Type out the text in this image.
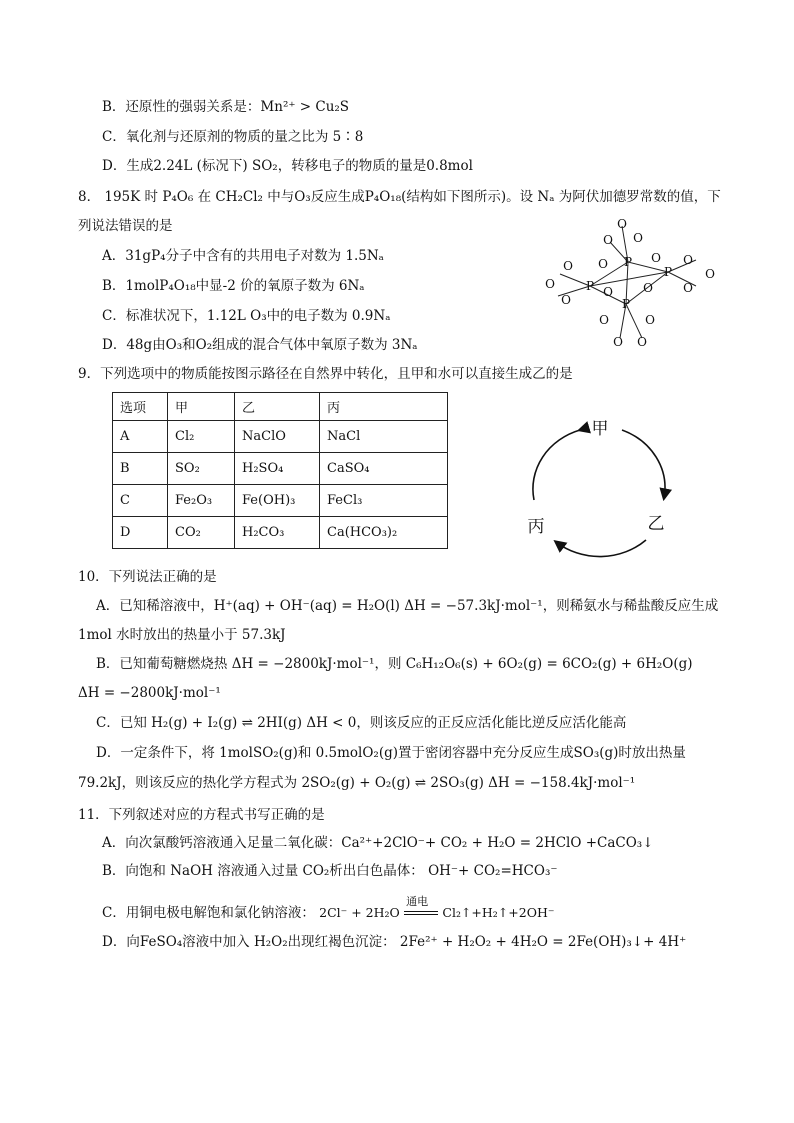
B．还原性的强弱关系是：Mn²⁺ > Cu₂S
C．氧化剂与还原剂的物质的量之比为 5∶8
D．生成2.24L (标况下) SO₂，转移电子的物质的量是0.8mol
8． 195K 时 P₄O₆ 在 CH₂Cl₂ 中与O₃反应生成P₄O₁₈(结构如下图所示)。设 Nₐ 为阿伏加德罗常数的值，下
列说法错误的是
A．31gP₄分子中含有的共用电子对数为 1.5Nₐ
B．1molP₄O₁₈中显-2 价的氧原子数为 6Nₐ
C．标准状况下，1.12L O₃中的电子数为 0.9Nₐ
D．48g由O₃和O₂组成的混合气体中氧原子数为 3Nₐ
P
P
P
P
O
O
O
O	O
O
O
O
O	O
O
O
O
O	O
O O
9．下列选项中的物质能按图示路径在自然界中转化，且甲和水可以直接生成乙的是
选项	甲	乙	丙
A	Cl₂	NaClO	NaCl
B	SO₂	H₂SO₄	CaSO₄
C	Fe₂O₃	Fe(OH)₃	FeCl₃
D	CO₂	H₂CO₃	Ca(HCO₃)₂
甲
乙
丙
10．下列说法正确的是
A．已知稀溶液中，H⁺(aq) + OH⁻(aq) = H₂O(l) ΔH = −57.3kJ·mol⁻¹，则稀氨水与稀盐酸反应生成
1mol 水时放出的热量小于 57.3kJ
B．已知葡萄糖燃烧热 ΔH = −2800kJ·mol⁻¹，则 C₆H₁₂O₆(s) + 6O₂(g) = 6CO₂(g) + 6H₂O(g)
ΔH = −2800kJ·mol⁻¹
C．已知 H₂(g) + I₂(g) ⇌ 2HI(g) ΔH < 0，则该反应的正反应活化能比逆反应活化能高
D．一定条件下，将 1molSO₂(g)和 0.5molO₂(g)置于密闭容器中充分反应生成SO₃(g)时放出热量
79.2kJ，则该反应的热化学方程式为 2SO₂(g) + O₂(g) ⇌ 2SO₃(g) ΔH = −158.4kJ·mol⁻¹
11．下列叙述对应的方程式书写正确的是
A．向次氯酸钙溶液通入足量二氧化碳：Ca²⁺+2ClO⁻+ CO₂ + H₂O = 2HClO +CaCO₃↓
B．向饱和 NaOH 溶液通入过量 CO₂析出白色晶体： OH⁻+ CO₂=HCO₃⁻
C．用铜电极电解饱和氯化钠溶液： 2Cl⁻ + 2H₂O
通电
Cl₂↑+H₂↑+2OH⁻
D．向FeSO₄溶液中加入 H₂O₂出现红褐色沉淀： 2Fe²⁺ + H₂O₂ + 4H₂O = 2Fe(OH)₃↓+ 4H⁺
